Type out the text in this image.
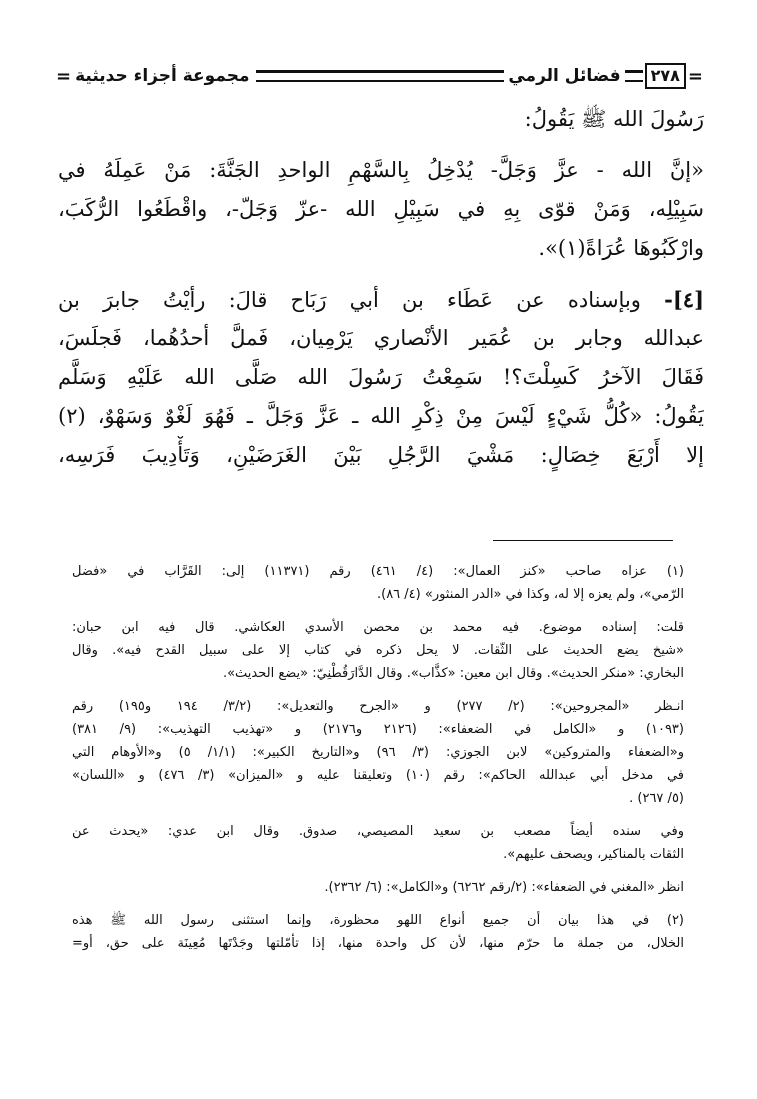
=
٢٧٨
فضائل الرمي
مجموعة أجزاء حديثية
=
رَسُولَ الله ﷺ يَقُولُ:
«إنَّ الله - عزَّ وَجَلَّ- يُدْخِلُ بِالسَّهْمِ الواحدِ الجَنَّةَ: مَنْ عَمِلَهُ في
سَبِيْلِه، وَمَنْ قوّى بِهِ في سَبِيْلِ الله -عزّ وَجَلّ-، واقْطَعُوا الرُّكَبَ،
وارْكَبُوهَا عُرَاةً(١)».
[٤]- وبإسناده عن عَطَاء بن أبي رَبَاح قالَ: رأيْتُ جابرَ بن
عبدالله وجابر بن عُمَير الأنْصاري يَرْمِيان، فَملَّ أحدُهُما، فَجلَسَ،
فَقَالَ الآخرُ كَسِلْتَ؟! سَمِعْتُ رَسُولَ الله صَلَّى الله عَلَيْهِ وَسَلَّم
يَقُولُ: «كُلُّ شَيْءٍ لَيْسَ مِنْ ذِكْرِ الله ـ عَزَّ وَجَلَّ ـ فَهُوَ لَغْوٌ وَسَهْوٌ، (٢)
إلا أَرْبَعَ خِصَالٍ: مَشْيَ الرَّجُلِ بَيْنَ الغَرَضَيْنِ، وَتَأْدِيبَ فَرَسِه،
(١) عزاه صاحب «كنز العمال»: (٤/ ٤٦١) رقم (١١٣٧١) إلى: القَرَّاب في «فضل
الرّمي»، ولم يعزه إلا له، وكذا في «الدر المنثور» (٤/ ٨٦).
قلت: إسناده موضوع. فيه محمد بن محصن الأسدي العكاشي. قال فيه ابن حبان:
«شيخ يضع الحديث على الثّقات. لا يحل ذكره في كتاب إلا على سبيل القدح فيه». وقال
البخاري: «منكر الحديث». وقال ابن معين: «كذَّاب». وقال الدَّارَقُطْنِيّ: «يضع الحديث».
انـظر «المجروحين»: (٢/ ٢٧٧) و «الجرح والتعديل»: (٣/٢/ ١٩٤ و١٩٥) رقم
(١٠٩٣) و «الكامل في الضعفاء»: (٢١٢٦ و٢١٧٦) و «تهذيب التهذيب»: (٩/ ٣٨١)
و«الضعفاء والمتروكين» لابن الجوزي: (٣/ ٩٦) و«التاريخ الكبير»: (١/١/ ٥) و«الأوهام التي
في مدخل أبي عبدالله الحاكم»: رقم (١٠) وتعليقنا عليه و «الميزان» (٣/ ٤٧٦) و «اللسان»
(٥/ ٢٦٧) .
وفي سنده أيضاً مصعب بن سعيد المصيصي، صدوق. وقال ابن عدي: «يحدث عن
الثقات بالمناكير، ويصحف عليهم».
انظر «المغني في الضعفاء»: (٢/رقم ٦٢٦٢) و«الكامل»: (٦/ ٢٣٦٢).
(٢) في هذا بيان أن جميع أنواع اللهو محظورة، وإنما استثنى رسول الله ﷺ هذه
الخلال، من جملة ما حرّم منها، لأن كل واحدة منها، إذا تأمّلتها وجَدْتَها مُعِينَة على حق، أو=
